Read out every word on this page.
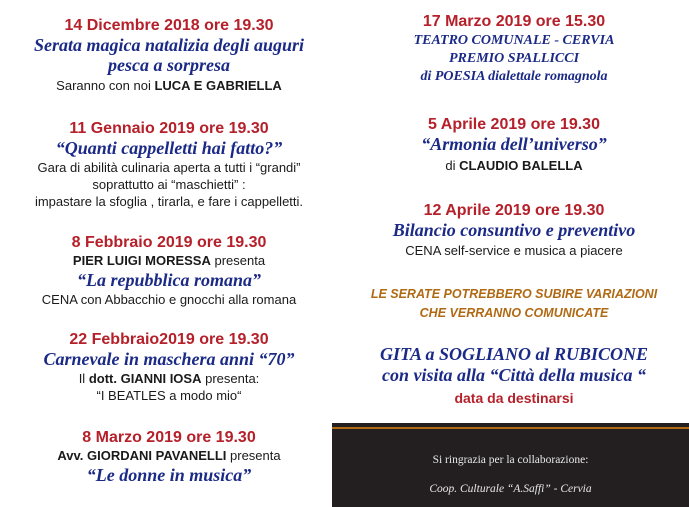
14 Dicembre 2018 ore 19.30
Serata magica natalizia degli auguri
pesca a sorpresa
Saranno con noi LUCA E GABRIELLA
11 Gennaio 2019 ore 19.30
“Quanti cappelletti hai fatto?”
Gara di abilità culinaria aperta a tutti i “grandi”
soprattutto ai “maschietti” :
impastare la sfoglia , tirarla, e fare i cappelletti.
8 Febbraio 2019 ore 19.30
PIER LUIGI MORESSA presenta
“La repubblica romana”
CENA con Abbacchio e gnocchi alla romana
22 Febbraio2019 ore 19.30
Carnevale in maschera anni “70”
Il dott. GIANNI IOSA presenta:
“I BEATLES a modo mio“
8 Marzo 2019 ore 19.30
Avv. GIORDANI PAVANELLI presenta
“Le donne in musica”
17 Marzo 2019 ore 15.30
TEATRO COMUNALE - CERVIA
PREMIO SPALLICCI
di POESIA dialettale romagnola
5 Aprile 2019 ore 19.30
“Armonia dell’universo”
di CLAUDIO BALELLA
12 Aprile 2019 ore 19.30
Bilancio consuntivo e preventivo
CENA self-service e musica a piacere
LE SERATE POTREBBERO SUBIRE VARIAZIONI
CHE VERRANNO COMUNICATE
GITA a SOGLIANO al RUBICONE
con visita alla “Città della musica “
data da destinarsi
Si ringrazia per la collaborazione:
Coop. Culturale “A.Saffi” - Cervia
